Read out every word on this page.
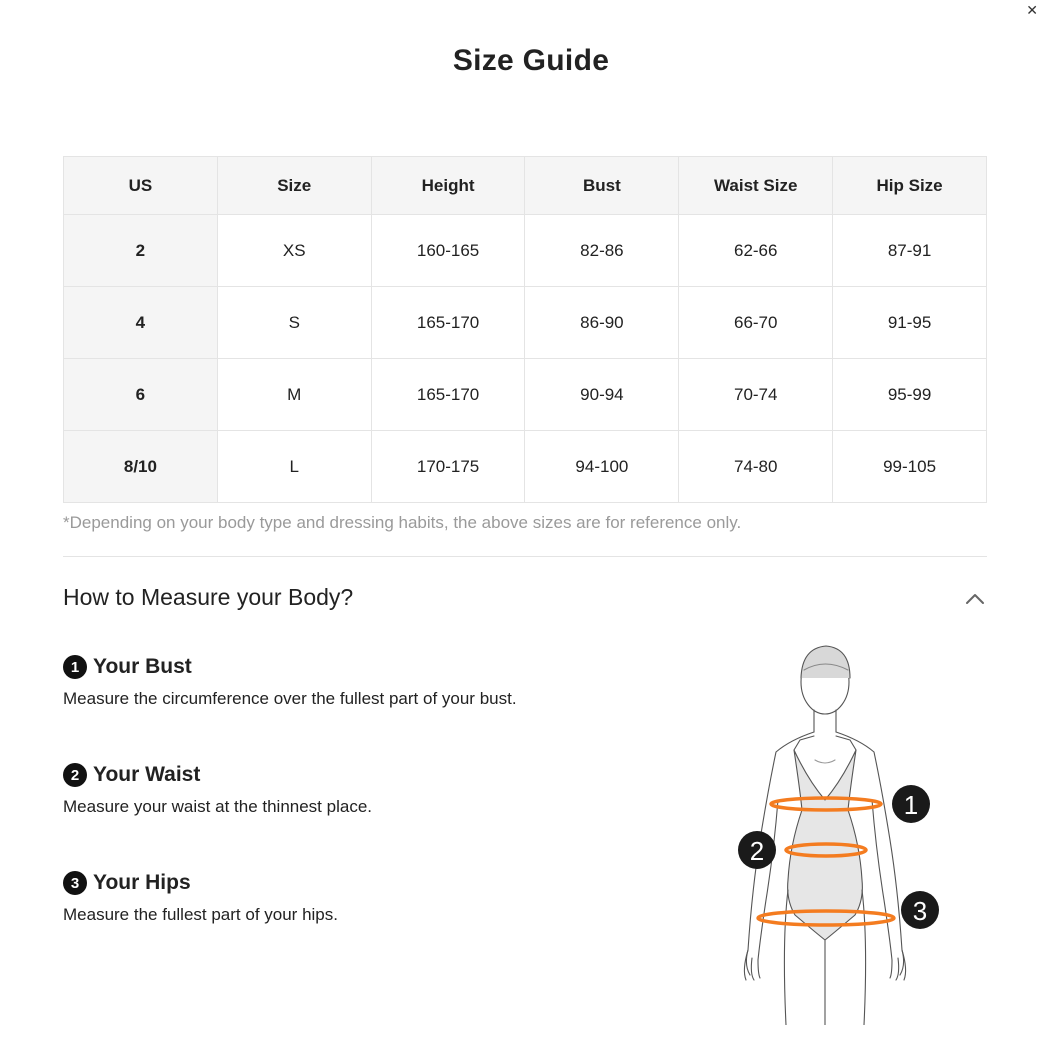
✕
Size Guide
US	Size	Height	Bust	Waist Size	Hip Size
2	XS	160-165	82-86	62-66	87-91
4	S	165-170	86-90	66-70	91-95
6	M	165-170	90-94	70-74	95-99
8/10	L	170-175	94-100	74-80	99-105
*Depending on your body type and dressing habits, the above sizes are for reference only.
How to Measure your Body?
1 Your Bust
Measure the circumference over the fullest part of your bust.
2 Your Waist
Measure your waist at the thinnest place.
3 Your Hips
Measure the fullest part of your hips.
1
2
3
